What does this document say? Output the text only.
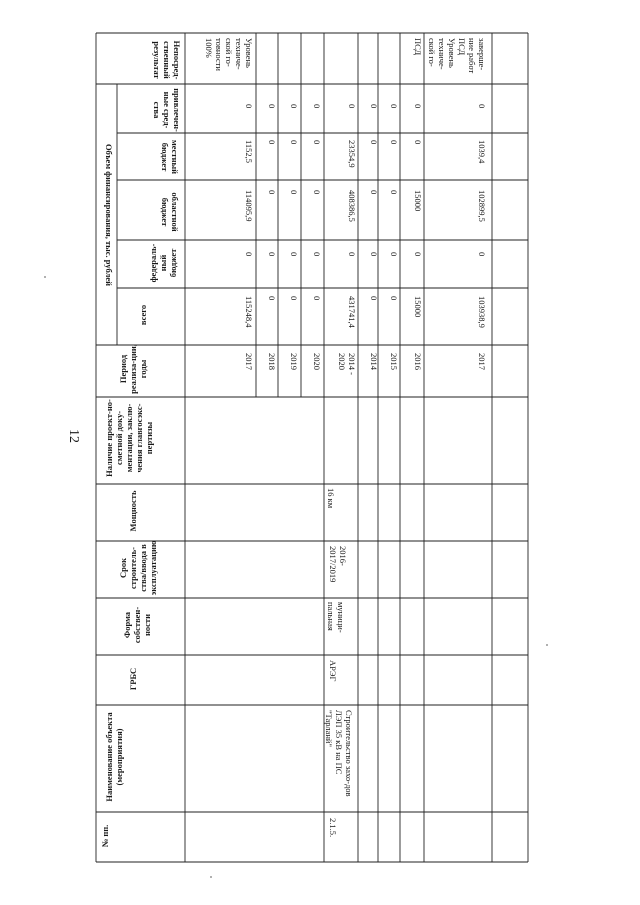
12
№ пп.
Наименование объекта (мероприятия)
ГРБС
Форма собствен-ности
Срок строитель-ства/ввода в эксплуатацию
Мощность
Наличие проект-но-сметной доку-ментации, заклю-чения главгосэкс-пертизы
Период реализа-ции, годы
Объем финансирования, тыс. рублей
всего
федераль-ный бюджет
областной бюджет
местный бюджет
привлечен-ные сред-ства
Непосред-ственный результат
2.1.5.
Строительство захо-дов ЛЭП 35 кВ на ПС "Тарланй"
АРЭГ
муници-пальная
2016- 2017/2019
16 км
2017
115248,4
0
114095,9
1152,5
0
Уровень техниче-ской го-товности 100%
2018
0
0
0
0
0
2019
0
0
0
0
0
2020
0
0
0
0
0
2014 - 2020
431741,4
0
408386,5
23354,9
0
2014
0
0
0
0
0
2015
0
0
0
0
0
2016
15000
0
15000
0
0
ПСД
2017
103938,9
0
102899,5
1039,4
0
заверше-ние работ ПСД Уровень техниче-ской го-
